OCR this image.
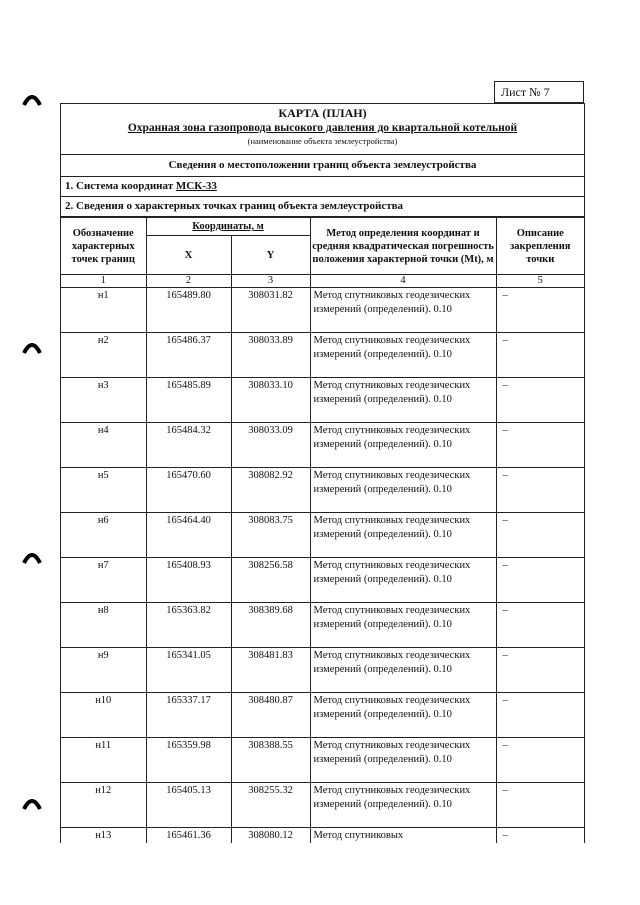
Лист № 7
КАРТА (ПЛАН)
Охранная зона газопровода высокого давления до квартальной котельной
(наименование объекта землеустройства)
Сведения о местоположении границ объекта землеустройства
1. Система координат МСК-33
2. Сведения о характерных точках границ объекта землеустройства
Обозначение характерных точек границ	Координаты, м		Метод определения координат и средняя квадратическая погрешность положения характерной точки (Mt), м	Описание закрепления точки
	X	Y		
1	2	3	4	5
н1	165489.80	308031.82	Метод спутниковых геодезических измерений (определений). 0.10	–
н2	165486.37	308033.89	Метод спутниковых геодезических измерений (определений). 0.10	–
н3	165485.89	308033.10	Метод спутниковых геодезических измерений (определений). 0.10	–
н4	165484.32	308033.09	Метод спутниковых геодезических измерений (определений). 0.10	–
н5	165470.60	308082.92	Метод спутниковых геодезических измерений (определений). 0.10	–
н6	165464.40	308083.75	Метод спутниковых геодезических измерений (определений). 0.10	–
н7	165408.93	308256.58	Метод спутниковых геодезических измерений (определений). 0.10	–
н8	165363.82	308389.68	Метод спутниковых геодезических измерений (определений). 0.10	–
н9	165341.05	308481.83	Метод спутниковых геодезических измерений (определений). 0.10	–
н10	165337.17	308480.87	Метод спутниковых геодезических измерений (определений). 0.10	–
н11	165359.98	308388.55	Метод спутниковых геодезических измерений (определений). 0.10	–
н12	165405.13	308255.32	Метод спутниковых геодезических измерений (определений). 0.10	–
н13	165461.36	308080.12	Метод спутниковых	–
